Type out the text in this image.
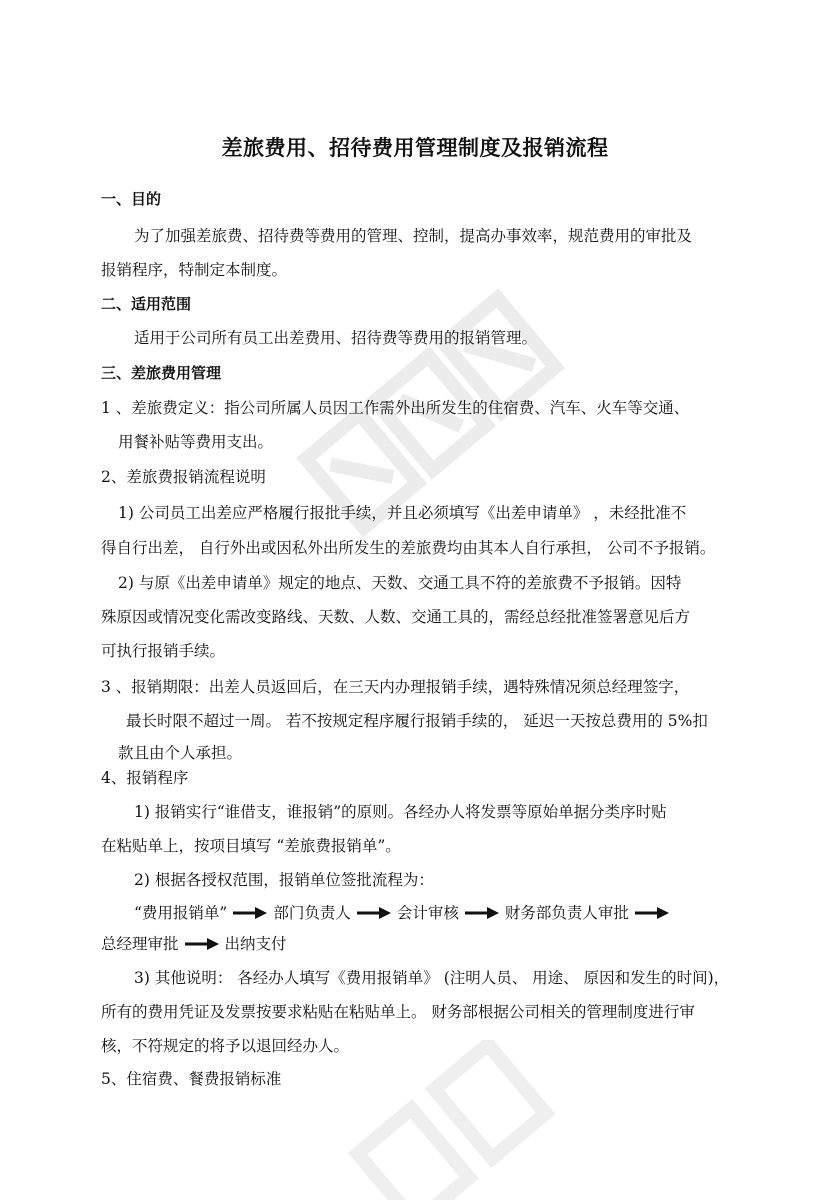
差旅费用、招待费用管理制度及报销流程
一、目的
为了加强差旅费、招待费等费用的管理、控制，提高办事效率，规范费用的审批及
报销程序，特制定本制度。
二、适用范围
适用于公司所有员工出差费用、招待费等费用的报销管理。
三、差旅费用管理
1 、差旅费定义：指公司所属人员因工作需外出所发生的住宿费、汽车、火车等交通、
用餐补贴等费用支出。
2、差旅费报销流程说明
1) 公司员工出差应严格履行报批手续，并且必须填写《出差申请单》 ，未经批准不
得自行出差， 自行外出或因私外出所发生的差旅费均由其本人自行承担， 公司不予报销。
2) 与原《出差申请单》规定的地点、天数、交通工具不符的差旅费不予报销。因特
殊原因或情况变化需改变路线、天数、人数、交通工具的，需经总经批准签署意见后方
可执行报销手续。
3 、报销期限：出差人员返回后，在三天内办理报销手续，遇特殊情况须总经理签字，
最长时限不超过一周。 若不按规定程序履行报销手续的， 延迟一天按总费用的 5%扣
款且由个人承担。
4、报销程序
1) 报销实行“谁借支，谁报销”的原则。各经办人将发票等原始单据分类序时贴
在粘贴单上，按项目填写 “差旅费报销单”。
2) 根据各授权范围，报销单位签批流程为：
“费用报销单”	部门负责人	会计审核	财务部负责人审批
总经理审批	出纳支付
3) 其他说明： 各经办人填写《费用报销单》 (注明人员、 用途、 原因和发生的时间)，
所有的费用凭证及发票按要求粘贴在粘贴单上。 财务部根据公司相关的管理制度进行审
核，不符规定的将予以退回经办人。
5、住宿费、餐费报销标准
